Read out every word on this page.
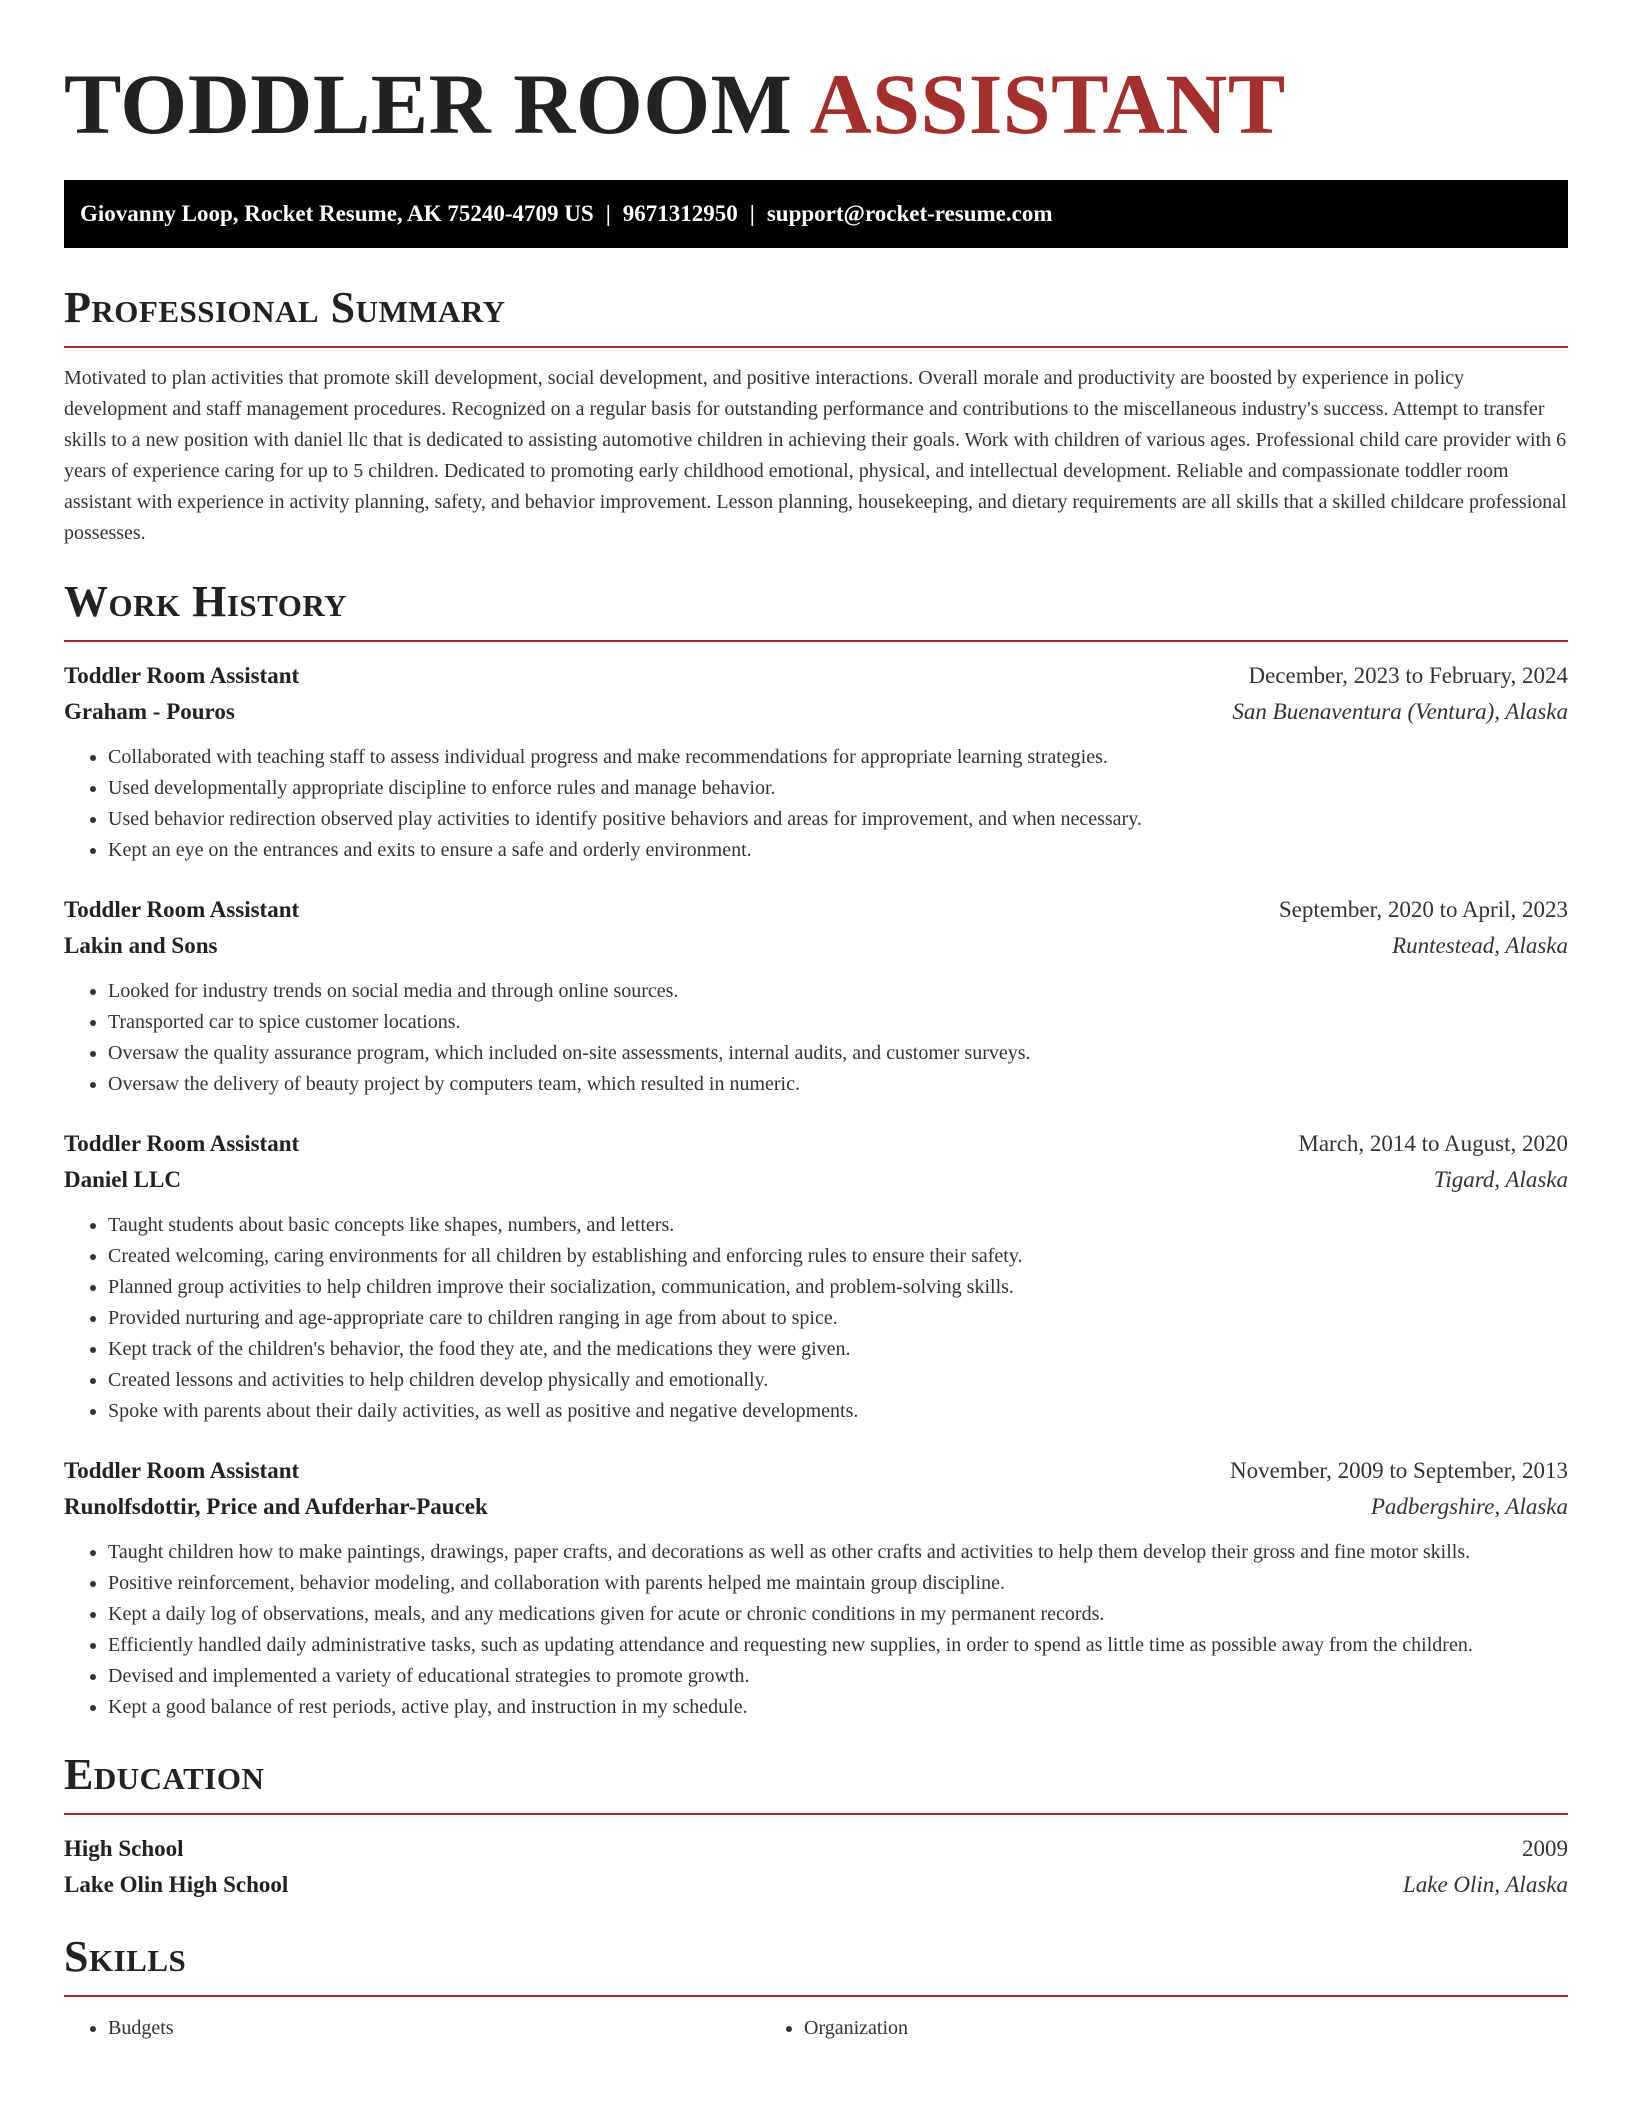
TODDLER ROOM ASSISTANT
Giovanny Loop, Rocket Resume, AK 75240-4709 US | 9671312950 | support@rocket-resume.com
Professional Summary
Motivated to plan activities that promote skill development, social development, and positive interactions. Overall morale and productivity are boosted by experience in policy development and staff management procedures. Recognized on a regular basis for outstanding performance and contributions to the miscellaneous industry's success. Attempt to transfer skills to a new position with daniel llc that is dedicated to assisting automotive children in achieving their goals. Work with children of various ages. Professional child care provider with 6 years of experience caring for up to 5 children. Dedicated to promoting early childhood emotional, physical, and intellectual development. Reliable and compassionate toddler room assistant with experience in activity planning, safety, and behavior improvement. Lesson planning, housekeeping, and dietary requirements are all skills that a skilled childcare professional possesses.
Work History
Toddler Room Assistant	December, 2023 to February, 2024
Graham - Pouros	San Buenaventura (Ventura), Alaska
• Collaborated with teaching staff to assess individual progress and make recommendations for appropriate learning strategies.
• Used developmentally appropriate discipline to enforce rules and manage behavior.
• Used behavior redirection observed play activities to identify positive behaviors and areas for improvement, and when necessary.
• Kept an eye on the entrances and exits to ensure a safe and orderly environment.
Toddler Room Assistant	September, 2020 to April, 2023
Lakin and Sons	Runtestead, Alaska
• Looked for industry trends on social media and through online sources.
• Transported car to spice customer locations.
• Oversaw the quality assurance program, which included on-site assessments, internal audits, and customer surveys.
• Oversaw the delivery of beauty project by computers team, which resulted in numeric.
Toddler Room Assistant	March, 2014 to August, 2020
Daniel LLC	Tigard, Alaska
• Taught students about basic concepts like shapes, numbers, and letters.
• Created welcoming, caring environments for all children by establishing and enforcing rules to ensure their safety.
• Planned group activities to help children improve their socialization, communication, and problem-solving skills.
• Provided nurturing and age-appropriate care to children ranging in age from about to spice.
• Kept track of the children's behavior, the food they ate, and the medications they were given.
• Created lessons and activities to help children develop physically and emotionally.
• Spoke with parents about their daily activities, as well as positive and negative developments.
Toddler Room Assistant	November, 2009 to September, 2013
Runolfsdottir, Price and Aufderhar-Paucek	Padbergshire, Alaska
• Taught children how to make paintings, drawings, paper crafts, and decorations as well as other crafts and activities to help them develop their gross and fine motor skills.
• Positive reinforcement, behavior modeling, and collaboration with parents helped me maintain group discipline.
• Kept a daily log of observations, meals, and any medications given for acute or chronic conditions in my permanent records.
• Efficiently handled daily administrative tasks, such as updating attendance and requesting new supplies, in order to spend as little time as possible away from the children.
• Devised and implemented a variety of educational strategies to promote growth.
• Kept a good balance of rest periods, active play, and instruction in my schedule.
Education
High School	2009
Lake Olin High School	Lake Olin, Alaska
Skills
• Budgets
•	Organization
